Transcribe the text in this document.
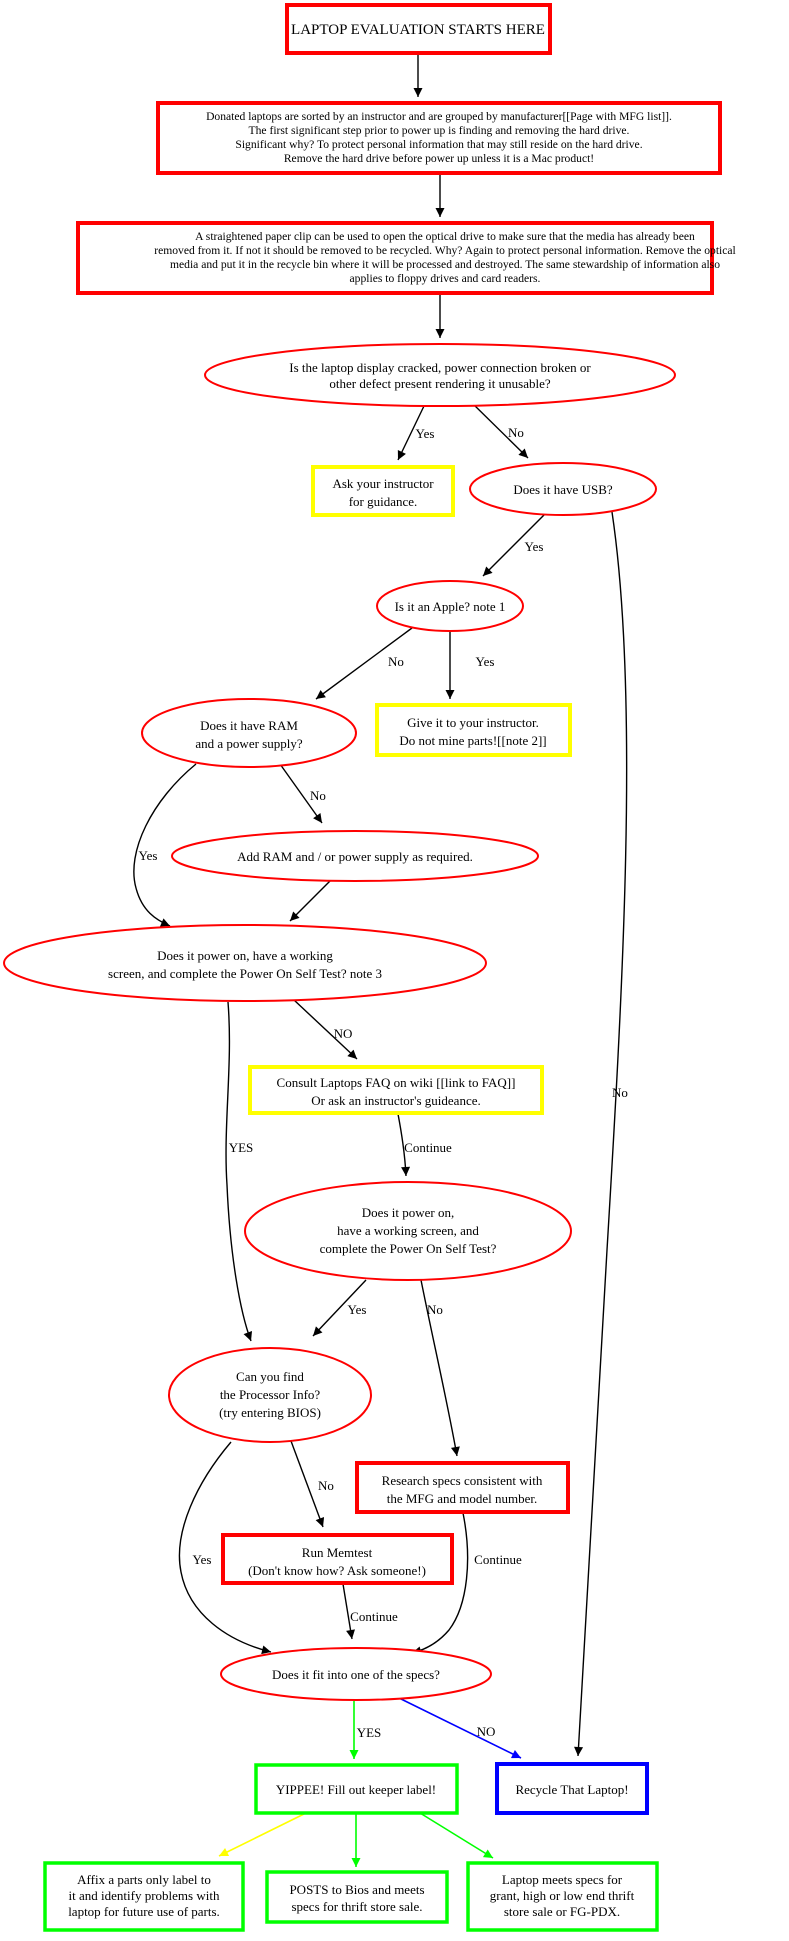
Yes	No
Yes
No
No	Yes
No
Yes
NO
YES	Continue
Yes	No
No
Yes	Continue
Continue
YES	NO
LAPTOP EVALUATION STARTS HERE
Donated laptops are sorted by an instructor and are grouped by manufacturer[[Page with MFG list]].
The first significant step prior to power up is finding and removing the hard drive.
Significant why? To protect personal information that may still reside on the hard drive.
Remove the hard drive before power up unless it is a Mac product!
A straightened paper clip can be used to open the optical drive to make sure that the media has already been
removed from it. If not it should be removed to be recycled. Why? Again to protect personal information. Remove the optical
media and put it in the recycle bin where it will be processed and destroyed. The same stewardship of information also
applies to floppy drives and card readers.
Is the laptop display cracked, power connection broken or
other defect present rendering it unusable?
Ask your instructor
for guidance.
Does it have USB?
Is it an Apple? note 1
Does it have RAM
and a power supply?
Give it to your instructor.
Do not mine parts![[note 2]]
Add RAM and / or power supply as required.
Does it power on, have a working
screen, and complete the Power On Self Test? note 3
Consult Laptops FAQ on wiki [[link to FAQ]]
Or ask an instructor's guideance.
Does it power on,
have a working screen, and
complete the Power On Self Test?
Can you find
the Processor Info?
(try entering BIOS)
Research specs consistent with
the MFG and model number.
Run Memtest
(Don't know how? Ask someone!)
Does it fit into one of the specs?
YIPPEE! Fill out keeper label!	Recycle That Laptop!
Affix a parts only label to
it and identify problems with
laptop for future use of parts.
POSTS to Bios and meets
specs for thrift store sale.
Laptop meets specs for
grant, high or low end thrift
store sale or FG-PDX.
